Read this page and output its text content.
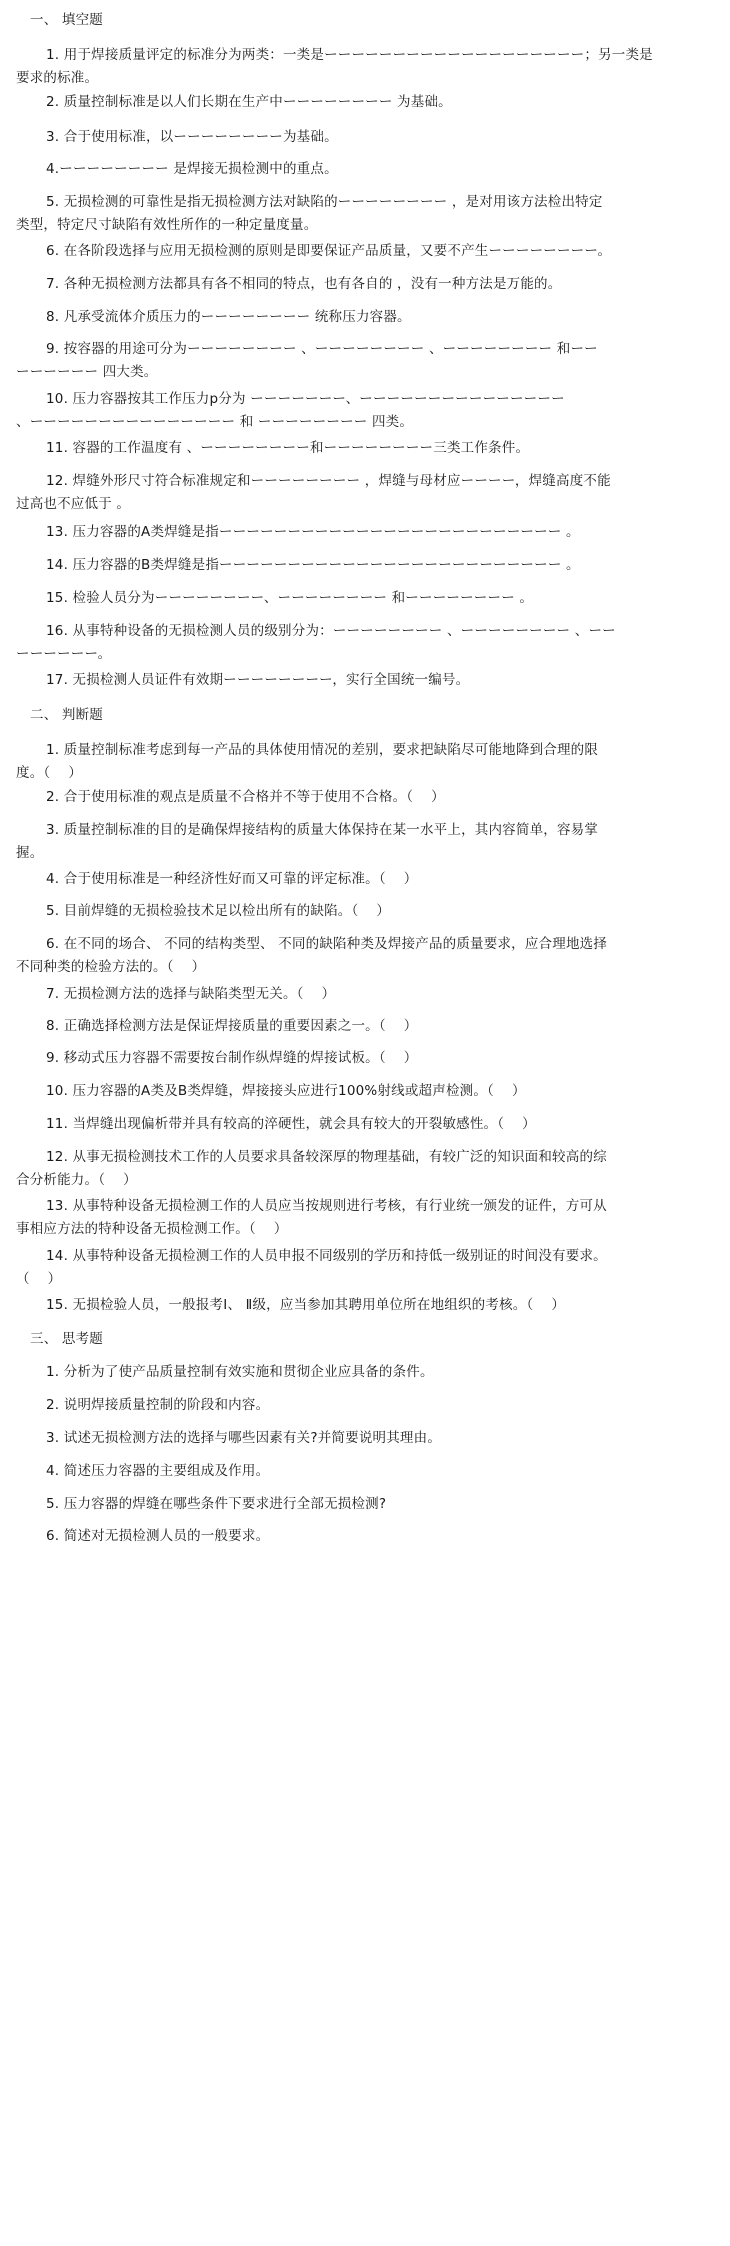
一、 填空题
1. 用于焊接质量评定的标准分为两类：一类是ーーーーーーーーーーーーーーーーーーー；另一类是
要求的标准。
2. 质量控制标准是以人们长期在生产中ーーーーーーーー 为基础。
3. 合于使用标准，以ーーーーーーーー为基础。
4.ーーーーーーーー 是焊接无损检测中的重点。
5. 无损检测的可靠性是指无损检测方法对缺陷的ーーーーーーーー ，是对用该方法检出特定
类型，特定尺寸缺陷有效性所作的一种定量度量。
6. 在各阶段选择与应用无损检测的原则是即要保证产品质量，又要不产生ーーーーーーーー。
7. 各种无损检测方法都具有各不相同的特点，也有各自的 ，没有一种方法是万能的。
8. 凡承受流体介质压力的ーーーーーーーー 统称压力容器。
9. 按容器的用途可分为ーーーーーーーー 、ーーーーーーーー 、ーーーーーーーー 和ーー
ーーーーーー 四大类。
10. 压力容器按其工作压力p分为 ーーーーーーー、ーーーーーーーーーーーーーーー
、ーーーーーーーーーーーーーーー 和 ーーーーーーーー 四类。
11. 容器的工作温度有 、ーーーーーーーー和ーーーーーーーー三类工作条件。
12. 焊缝外形尺寸符合标准规定和ーーーーーーーー ，焊缝与母材应ーーーー，焊缝高度不能
过高也不应低于 。
13. 压力容器的A类焊缝是指ーーーーーーーーーーーーーーーーーーーーーーーーー 。
14. 压力容器的B类焊缝是指ーーーーーーーーーーーーーーーーーーーーーーーーー 。
15. 检验人员分为ーーーーーーーー、ーーーーーーーー 和ーーーーーーーー 。
16. 从事特种设备的无损检测人员的级别分为：ーーーーーーーー 、ーーーーーーーー 、ーー
ーーーーーー。
17. 无损检测人员证件有效期ーーーーーーーー，实行全国统一编号。
二、 判断题
1. 质量控制标准考虑到每一产品的具体使用情况的差别，要求把缺陷尽可能地降到合理的限
度。（    ）
2. 合于使用标准的观点是质量不合格并不等于使用不合格。（    ）
3. 质量控制标准的目的是确保焊接结构的质量大体保持在某一水平上，其内容简单，容易掌
握。
4. 合于使用标准是一种经济性好而又可靠的评定标准。（    ）
5. 目前焊缝的无损检验技术足以检出所有的缺陷。（    ）
6. 在不同的场合、 不同的结构类型、 不同的缺陷种类及焊接产品的质量要求，应合理地选择
不同种类的检验方法的。（    ）
7. 无损检测方法的选择与缺陷类型无关。（    ）
8. 正确选择检测方法是保证焊接质量的重要因素之一。（    ）
9. 移动式压力容器不需要按台制作纵焊缝的焊接试板。（    ）
10. 压力容器的A类及B类焊缝，焊接接头应进行100%射线或超声检测。（    ）
11. 当焊缝出现偏析带并具有较高的淬硬性，就会具有较大的开裂敏感性。（    ）
12. 从事无损检测技术工作的人员要求具备较深厚的物理基础，有较广泛的知识面和较高的综
合分析能力。（    ）
13. 从事特种设备无损检测工作的人员应当按规则进行考核，有行业统一颁发的证件，方可从
事相应方法的特种设备无损检测工作。（    ）
14. 从事特种设备无损检测工作的人员申报不同级别的学历和持低一级别证的时间没有要求。
（    ）
15. 无损检验人员，一般报考Ⅰ、 Ⅱ级，应当参加其聘用单位所在地组织的考核。（    ）
三、 思考题
1. 分析为了使产品质量控制有效实施和贯彻企业应具备的条件。
2. 说明焊接质量控制的阶段和内容。
3. 试述无损检测方法的选择与哪些因素有关?并简要说明其理由。
4. 简述压力容器的主要组成及作用。
5. 压力容器的焊缝在哪些条件下要求进行全部无损检测?
6. 简述对无损检测人员的一般要求。
